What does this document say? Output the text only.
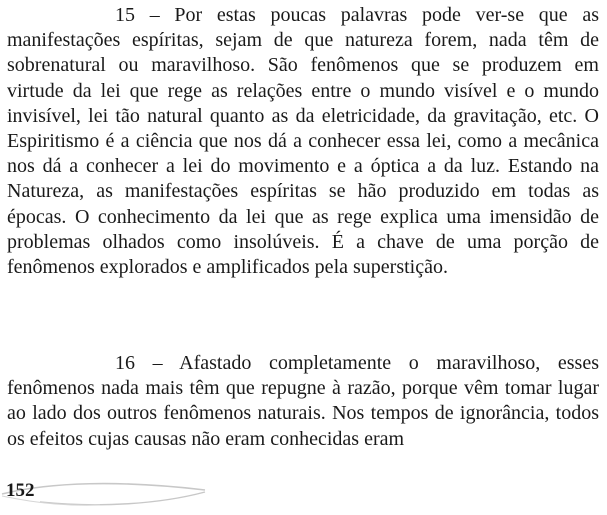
15 – Por estas poucas palavras pode ver-se que as manifestações espíritas, sejam de que natureza forem, nada têm de sobrenatural ou maravilhoso. São fenômenos que se produzem em virtude da lei que rege as relações entre o mundo visível e o mundo invisível, lei tão natural quanto as da eletricidade, da gravitação, etc. O Espiritismo é a ciência que nos dá a conhecer essa lei, como a mecânica nos dá a conhecer a lei do movimento e a óptica a da luz. Estando na Natureza, as manifestações espíritas se hão produzido em todas as épocas. O conhecimento da lei que as rege explica uma imensidão de problemas olhados como insolúveis. É a chave de uma porção de fenômenos explorados e amplificados pela superstição.

16 – Afastado completamente o maravilhoso, esses fenômenos nada mais têm que repugne à razão, porque vêm tomar lugar ao lado dos outros fenômenos naturais. Nos tempos de ignorância, todos os efeitos cujas causas não eram conhecidas eram

152
